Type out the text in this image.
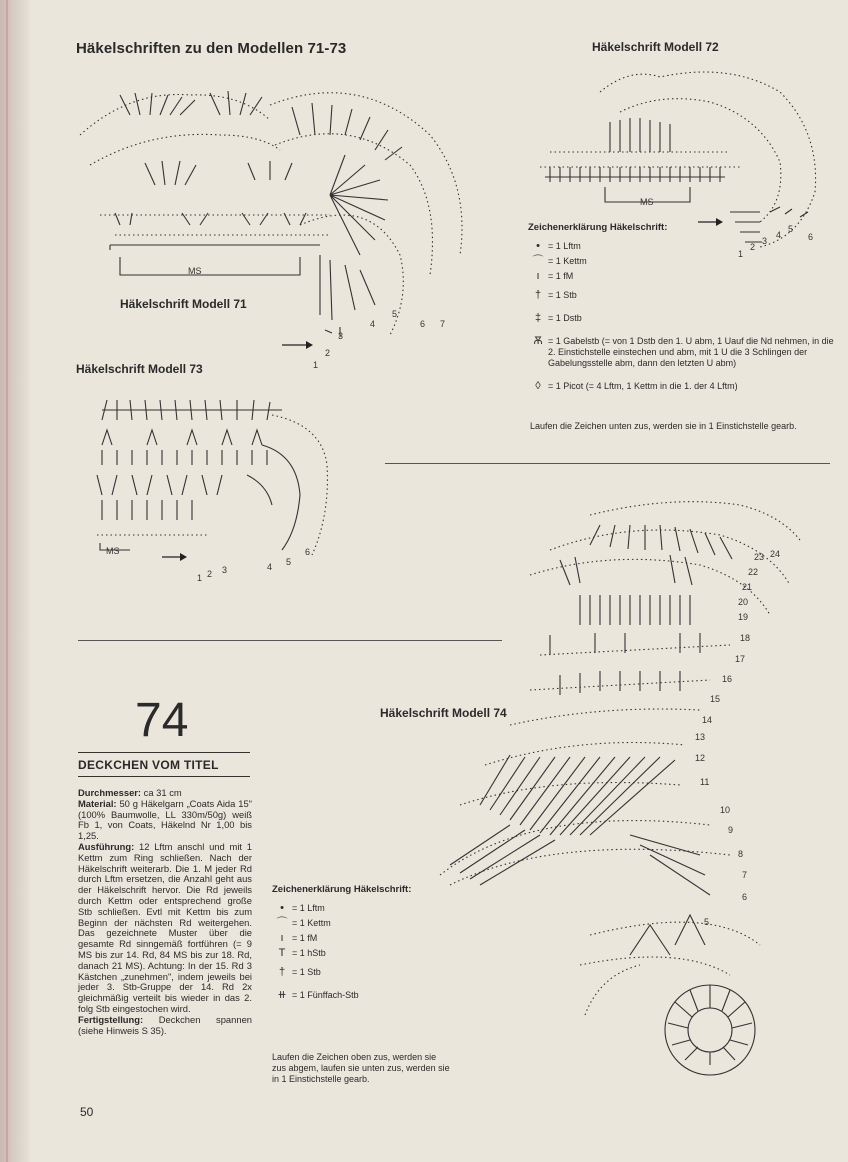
Häkelschriften zu den Modellen 71-73	Häkelschrift Modell 72
Häkelschrift Modell 71
Häkelschrift Modell 73
Häkelschrift Modell 74
MS
1
2
3
4
5
6 7
MS
1
2
3
4
5
6
Zeichenerklärung Häkelschrift:
• = 1 Lftm
⌒ = 1 Kettm
ı = 1 fM
† = 1 Stb
‡ = 1 Dstb
Ѫ = 1 Gabelstb (= von 1 Dstb den 1. U abm, 1 Uauf die Nd nehmen, in die 2. Einstichstelle einstechen und abm, mit 1 U die 3 Schlingen der Gabelungsstelle abm, dann den letzten U abm)
◊ = 1 Picot (= 4 Lftm, 1 Kettm in die 1. der 4 Lftm)
Laufen die Zeichen unten zus, werden sie in 1 Einstichstelle gearb.
MS
1 2 3	4 5
6
5
6
7
8
9
10
11
12
13
14
15
16
17
18
19
20
21
22
23 24
Zeichenerklärung Häkelschrift:
• = 1 Lftm
⌒ = 1 Kettm
ı = 1 fM
T = 1 hStb
† = 1 Stb
⧺ = 1 Fünffach-Stb
Laufen die Zeichen oben zus, werden sie zus abgem, laufen sie unten zus, werden sie in 1 Einstichstelle gearb.
74
DECKCHEN VOM TITEL
Durchmesser: ca 31 cm
Material: 50 g Häkelgarn „Coats Aida 15" (100% Baumwolle, LL 330m/50g) weiß Fb 1, von Coats, Häkelnd Nr 1,00 bis 1,25.
Ausführung: 12 Lftm anschl und mit 1 Kettm zum Ring schließen. Nach der Häkelschrift weiterarb. Die 1. M jeder Rd durch Lftm ersetzen, die Anzahl geht aus der Häkelschrift hervor. Die Rd jeweils durch Kettm oder entsprechend große Stb schließen. Evtl mit Kettm bis zum Beginn der nächsten Rd weitergehen. Das gezeichnete Muster über die gesamte Rd sinngemäß fortführen (= 9 MS bis zur 14. Rd, 84 MS bis zur 18. Rd, danach 21 MS). Achtung: In der 15. Rd 3 Kästchen „zunehmen", indem jeweils bei jeder 3. Stb-Gruppe der 14. Rd 2x gleichmäßig verteilt bis wieder in das 2. folg Stb eingestochen wird.
Fertigstellung: Deckchen spannen (siehe Hinweis S 35).
50
